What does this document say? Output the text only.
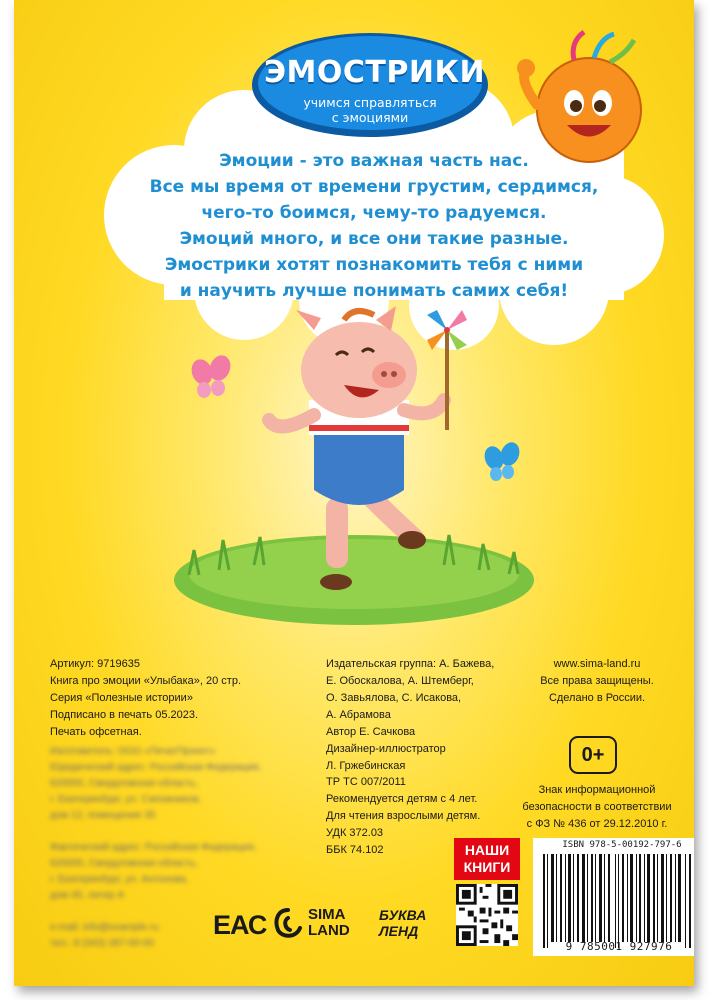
ЭМОСТРИКИ
учимся справляться
с эмоциями
Эмоции - это важная часть нас.
Все мы время от времени грустим, сердимся,
чего-то боимся, чему-то радуемся.
Эмоций много, и все они такие разные.
Эмострики хотят познакомить тебя с ними
и научить лучше понимать самих себя!
Артикул: 9719635
Книга про эмоции «Улыбака», 20 стр.
Серия «Полезные истории»
Подписано в печать 05.2023.
Печать офсетная.
Изготовитель: ООО «ПечатПроект»
Юридический адрес: Российская Федерация,
620000, Свердловская область,
г. Екатеринбург, ул. Сапожников,
дом 12, помещение 35

Фактический адрес: Российская Федерация,
620000, Свердловская область,
г. Екатеринбург, ул. Антонова,
дом 45, литер А

e-mail: info@example.ru
тел.: 8 (343) 287-00-00
Издательская группа: А. Бажева,
Е. Обоскалова, А. Штемберг,
О. Завьялова, С. Исакова,
А. Абрамова
Автор Е. Сачкова
Дизайнер-иллюстратор
Л. Гржебинская
ТР ТС 007/2011
Рекомендуется детям с 4 лет.
Для чтения взрослыми детям.
УДК 372.03
ББК 74.102
www.sima-land.ru
Все права защищены.
Сделано в России.
0+
Знак информационной
безопасности в соответствии
с ФЗ № 436 от 29.12.2010 г.
НАШИ
КНИГИ
ISBN 978-5-00192-797-6
9 785001 927976
ЕАС	SIMA
LAND
БУКВА
ЛЕНД
